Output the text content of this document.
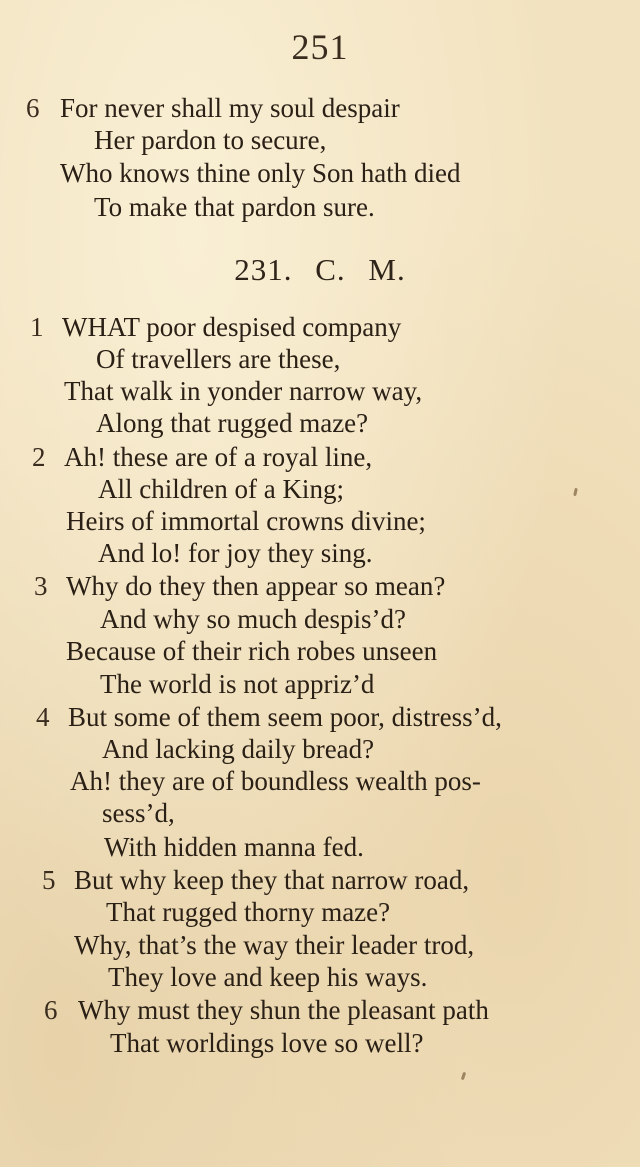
251
6 For never shall my soul despair
Her pardon to secure,
Who knows thine only Son hath died
To make that pardon sure.
231. C. M.
1 WHAT poor despised company
Of travellers are these,
That walk in yonder narrow way,
Along that rugged maze?
2 Ah! these are of a royal line,
All children of a King;
Heirs of immortal crowns divine;
And lo! for joy they sing.
3 Why do they then appear so mean?
And why so much despis’d?
Because of their rich robes unseen
The world is not appriz’d
4 But some of them seem poor, distress’d,
And lacking daily bread?
Ah! they are of boundless wealth pos-
sess’d,
With hidden manna fed.
5 But why keep they that narrow road,
That rugged thorny maze?
Why, that’s the way their leader trod,
They love and keep his ways.
6 Why must they shun the pleasant path
That worldings love so well?
